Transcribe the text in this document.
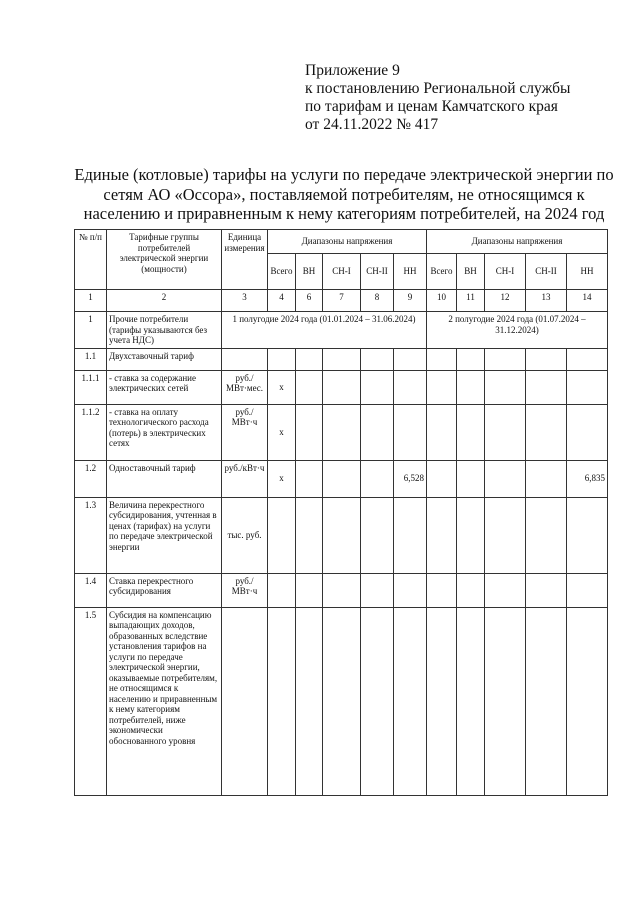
Приложение 9
к постановлению Региональной службы
по тарифам и ценам Камчатского края
от 24.11.2022 № 417
Единые (котловые) тарифы на услуги по передаче электрической энергии по сетям АО «Оссора», поставляемой потребителям, не относящимся к населению и приравненным к нему категориям потребителей, на 2024 год
№ п/п	Тарифные группы потребителей электрической энергии (мощности)	Единица измерения	Диапазоны напряжения					Диапазоны напряжения				
			Всего	ВН	СН-I	СН-II	НН	Всего	ВН	СН-I	СН-II	НН
1	2	3	4	6	7	8	9	10	11	12	13	14
1	Прочие потребители (тарифы указываются без учета НДС)	1 полугодие 2024 года (01.01.2024 – 31.06.2024)						2 полугодие 2024 года (01.07.2024 – 31.12.2024)				
1.1	Двухставочный тариф											
1.1.1	- ставка за содержание электрических сетей	руб./МВт·мес.	x									
1.1.2	- ставка на оплату технологического расхода (потерь) в электрических сетях	руб./МВт·ч	x									
1.2	Одноставочный тариф	руб./кВт·ч	x				6,528					6,835
1.3	Величина перекрестного субсидирования, учтенная в ценах (тарифах) на услуги по передаче электрической энергии	тыс. руб.										
1.4	Ставка перекрестного субсидирования	руб./МВт·ч										
1.5	Субсидия на компенсацию выпадающих доходов, образованных вследствие установления тарифов на услуги по передаче электрической энергии, оказываемые потребителям, не относящимся к населению и приравненным к нему категориям потребителей, ниже экономически обоснованного уровня											
